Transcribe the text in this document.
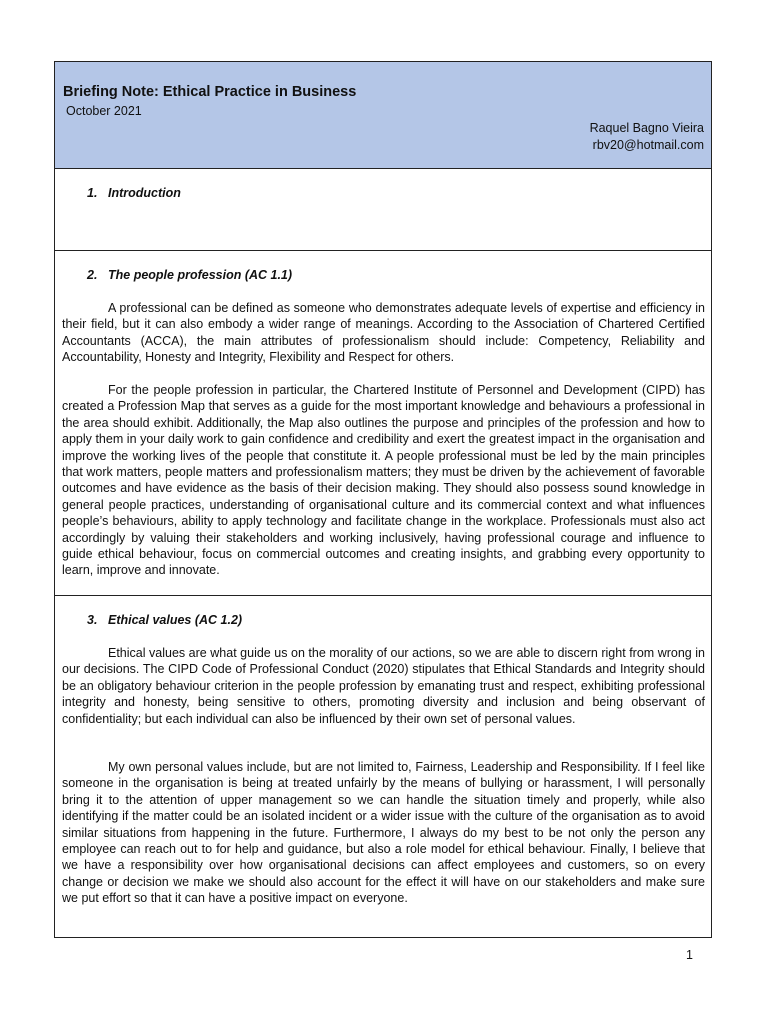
Briefing Note: Ethical Practice in Business
October 2021
Raquel Bagno Vieira
rbv20@hotmail.com
1. Introduction
2. The people profession (AC 1.1)

A professional can be defined as someone who demonstrates adequate levels of expertise and efficiency in their field, but it can also embody a wider range of meanings. According to the Association of Chartered Certified Accountants (ACCA), the main attributes of professionalism should include: Competency, Reliability and Accountability, Honesty and Integrity, Flexibility and Respect for others.

For the people profession in particular, the Chartered Institute of Personnel and Development (CIPD) has created a Profession Map that serves as a guide for the most important knowledge and behaviours a professional in the area should exhibit. Additionally, the Map also outlines the purpose and principles of the profession and how to apply them in your daily work to gain confidence and credibility and exert the greatest impact in the organisation and improve the working lives of the people that constitute it. A people professional must be led by the main principles that work matters, people matters and professionalism matters; they must be driven by the achievement of favorable outcomes and have evidence as the basis of their decision making. They should also possess sound knowledge in general people practices, understanding of organisational culture and its commercial context and what influences people’s behaviours, ability to apply technology and facilitate change in the workplace. Professionals must also act accordingly by valuing their stakeholders and working inclusively, having professional courage and influence to guide ethical behaviour, focus on commercial outcomes and creating insights, and grabbing every opportunity to learn, improve and innovate.

3. Ethical values (AC 1.2)

Ethical values are what guide us on the morality of our actions, so we are able to discern right from wrong in our decisions. The CIPD Code of Professional Conduct (2020) stipulates that Ethical Standards and Integrity should be an obligatory behaviour criterion in the people profession by emanating trust and respect, exhibiting professional integrity and honesty, being sensitive to others, promoting diversity and inclusion and being observant of confidentiality; but each individual can also be influenced by their own set of personal values.

My own personal values include, but are not limited to, Fairness, Leadership and Responsibility. If I feel like someone in the organisation is being at treated unfairly by the means of bullying or harassment, I will personally bring it to the attention of upper management so we can handle the situation timely and properly, while also identifying if the matter could be an isolated incident or a wider issue with the culture of the organisation as to avoid similar situations from happening in the future. Furthermore, I always do my best to be not only the person any employee can reach out to for help and guidance, but also a role model for ethical behaviour. Finally, I believe that we have a responsibility over how organisational decisions can affect employees and customers, so on every change or decision we make we should also account for the effect it will have on our stakeholders and make sure we put effort so that it can have a positive impact on everyone.

1
